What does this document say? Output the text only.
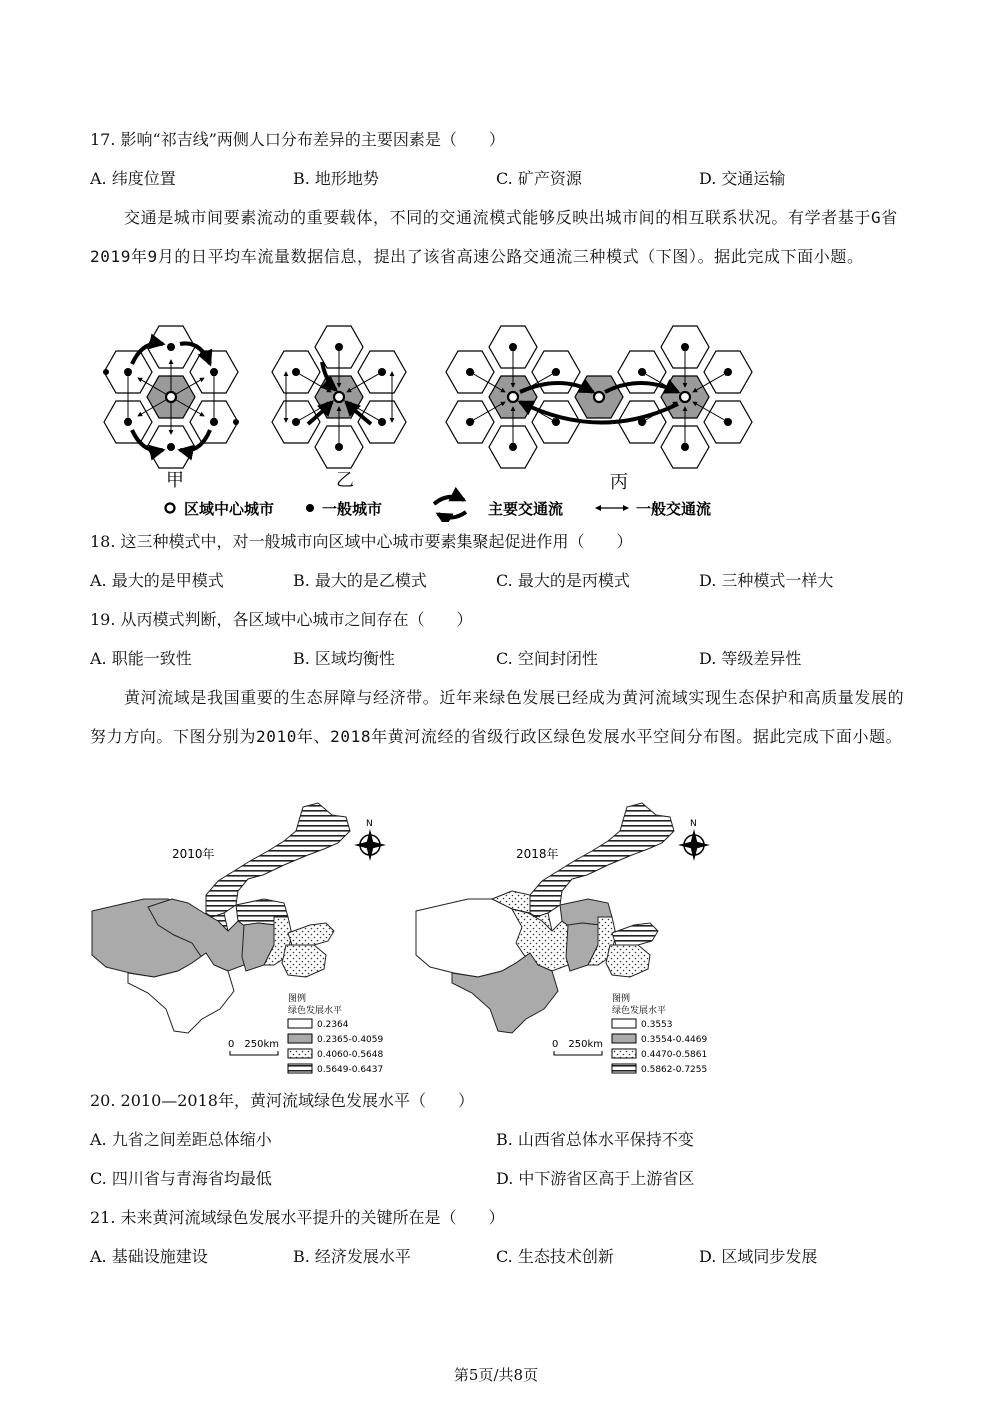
17. 影响“祁吉线”两侧人口分布差异的主要因素是（　　）
A. 纬度位置	B. 地形地势	C. 矿产资源	D. 交通运输
交通是城市间要素流动的重要载体，不同的交通流模式能够反映出城市间的相互联系状况。有学者基于G省2019年9月的日平均车流量数据信息，提出了该省高速公路交通流三种模式（下图）。据此完成下面小题。
甲	乙	丙
区域中心城市	一般城市	主要交通流	一般交通流
18. 这三种模式中，对一般城市向区域中心城市要素集聚起促进作用（　　）
A. 最大的是甲模式	B. 最大的是乙模式	C. 最大的是丙模式	D. 三种模式一样大
19. 从丙模式判断，各区域中心城市之间存在（　　）
A. 职能一致性	B. 区域均衡性	C. 空间封闭性	D. 等级差异性
黄河流域是我国重要的生态屏障与经济带。近年来绿色发展已经成为黄河流域实现生态保护和高质量发展的努力方向。下图分别为2010年、2018年黄河流经的省级行政区绿色发展水平空间分布图。据此完成下面小题。
2010年
N
图例
绿色发展水平
0.2364
0.2365-0.4059
0.4060-0.5648
0.5649-0.6437
0　250km
2018年
N
图例
绿色发展水平
0.3553
0.3554-0.4469
0.4470-0.5861
0.5862-0.7255
0　250km
20. 2010—2018年，黄河流域绿色发展水平（　　）
A. 九省之间差距总体缩小	B. 山西省总体水平保持不变
C. 四川省与青海省均最低	D. 中下游省区高于上游省区
21. 未来黄河流域绿色发展水平提升的关键所在是（　　）
A. 基础设施建设	B. 经济发展水平	C. 生态技术创新	D. 区域同步发展
第5页/共8页
